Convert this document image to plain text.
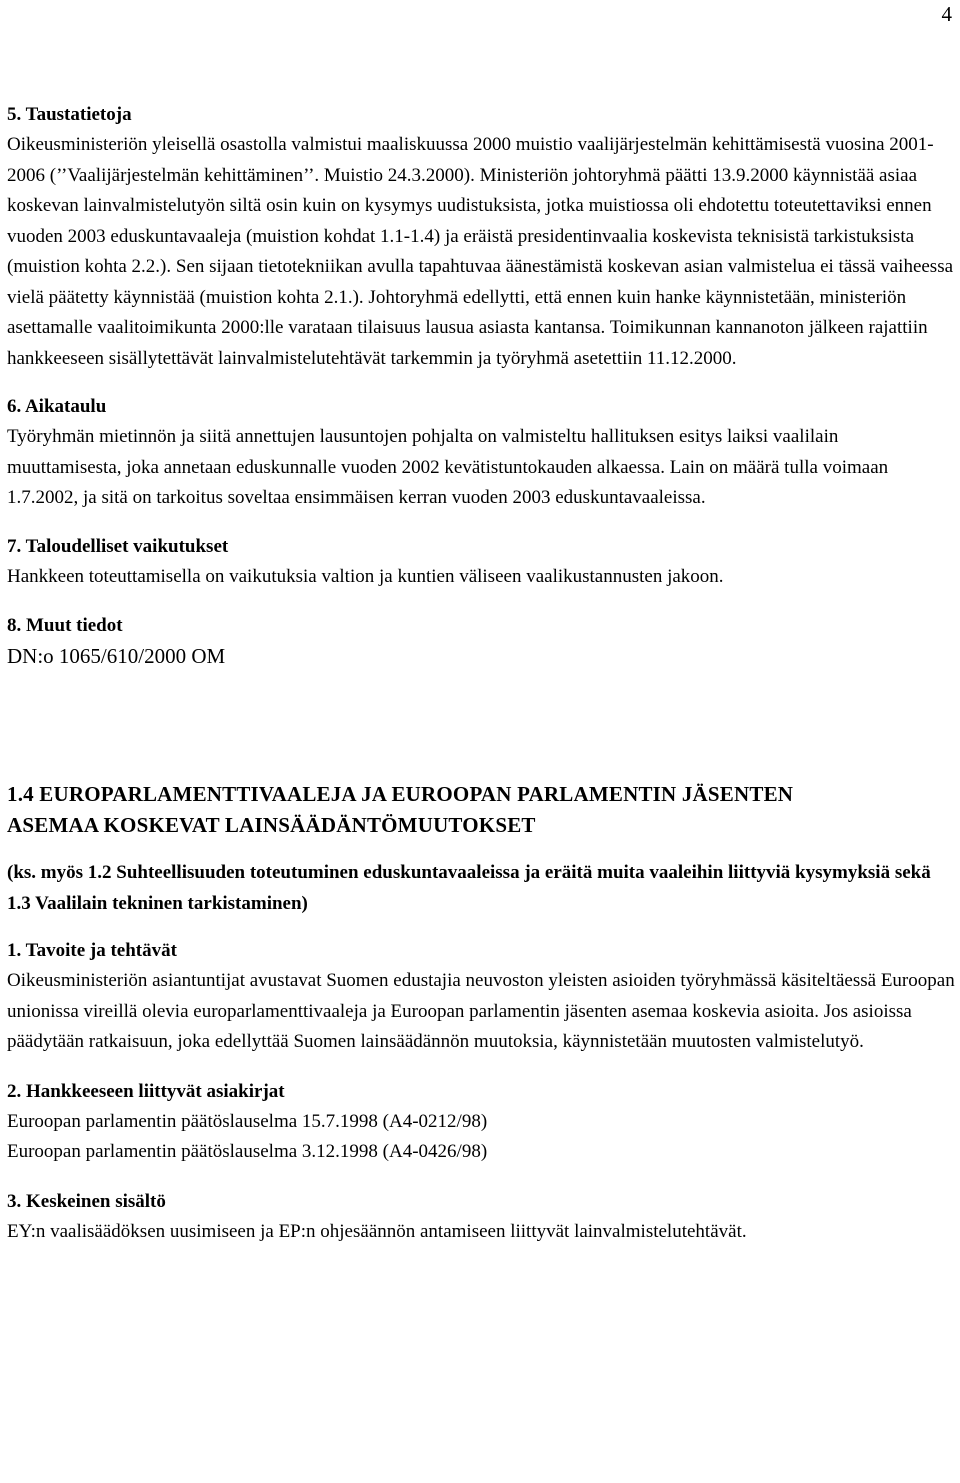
4
5. Taustatietoja

Oikeusministeriön yleisellä osastolla valmistui maaliskuussa 2000 muistio vaalijärjestelmän kehittämisestä vuosina 2001-2006 (’’Vaalijärjestelmän kehittäminen’’. Muistio 24.3.2000). Ministeriön johtoryhmä päätti 13.9.2000 käynnistää asiaa koskevan lainvalmistelutyön siltä osin kuin on kysymys uudistuksista, jotka muistiossa oli ehdotettu toteutettaviksi ennen vuoden 2003 eduskuntavaaleja (muistion kohdat 1.1-1.4) ja eräistä presidentinvaalia koskevista teknisistä tarkistuksista (muistion kohta 2.2.). Sen sijaan tietotekniikan avulla tapahtuvaa äänestämistä koskevan asian valmistelua ei tässä vaiheessa vielä päätetty käynnistää (muistion kohta 2.1.). Johtoryhmä edellytti, että ennen kuin hanke käynnistetään, ministeriön asettamalle vaalitoimikunta 2000:lle varataan tilaisuus lausua asiasta kantansa. Toimikunnan kannanoton jälkeen rajattiin hankkeeseen sisällytettävät lainvalmistelutehtävät tarkemmin ja työryhmä asetettiin 11.12.2000.

6. Aikataulu

Työryhmän mietinnön ja siitä annettujen lausuntojen pohjalta on valmisteltu hallituksen esitys laiksi vaalilain muuttamisesta, joka annetaan eduskunnalle vuoden 2002 kevätistuntokauden alkaessa. Lain on määrä tulla voimaan 1.7.2002, ja sitä on tarkoitus soveltaa ensimmäisen kerran vuoden 2003 eduskuntavaaleissa.

7. Taloudelliset vaikutukset

Hankkeen toteuttamisella on vaikutuksia valtion ja kuntien väliseen vaalikustannusten jakoon.

8. Muut tiedot

DN:o 1065/610/2000 OM

1.4 EUROPARLAMENTTIVAALEJA JA EUROOPAN PARLAMENTIN JÄSENTEN
ASEMAA KOSKEVAT LAINSÄÄDÄNTÖMUUTOKSET

(ks. myös 1.2 Suhteellisuuden toteutuminen eduskuntavaaleissa ja eräitä muita vaaleihin liittyviä kysymyksiä sekä 1.3 Vaalilain tekninen tarkistaminen)

1. Tavoite ja tehtävät

Oikeusministeriön asiantuntijat avustavat Suomen edustajia neuvoston yleisten asioiden työryhmässä käsiteltäessä Euroopan unionissa vireillä olevia europarlamenttivaaleja ja Euroopan parlamentin jäsenten asemaa koskevia asioita. Jos asioissa päädytään ratkaisuun, joka edellyttää Suomen lainsäädännön muutoksia, käynnistetään muutosten valmistelutyö.

2. Hankkeeseen liittyvät asiakirjat

Euroopan parlamentin päätöslauselma 15.7.1998 (A4-0212/98)

Euroopan parlamentin päätöslauselma 3.12.1998 (A4-0426/98)

3. Keskeinen sisältö

EY:n vaalisäädöksen uusimiseen ja EP:n ohjesäännön antamiseen liittyvät lainvalmistelutehtävät.
